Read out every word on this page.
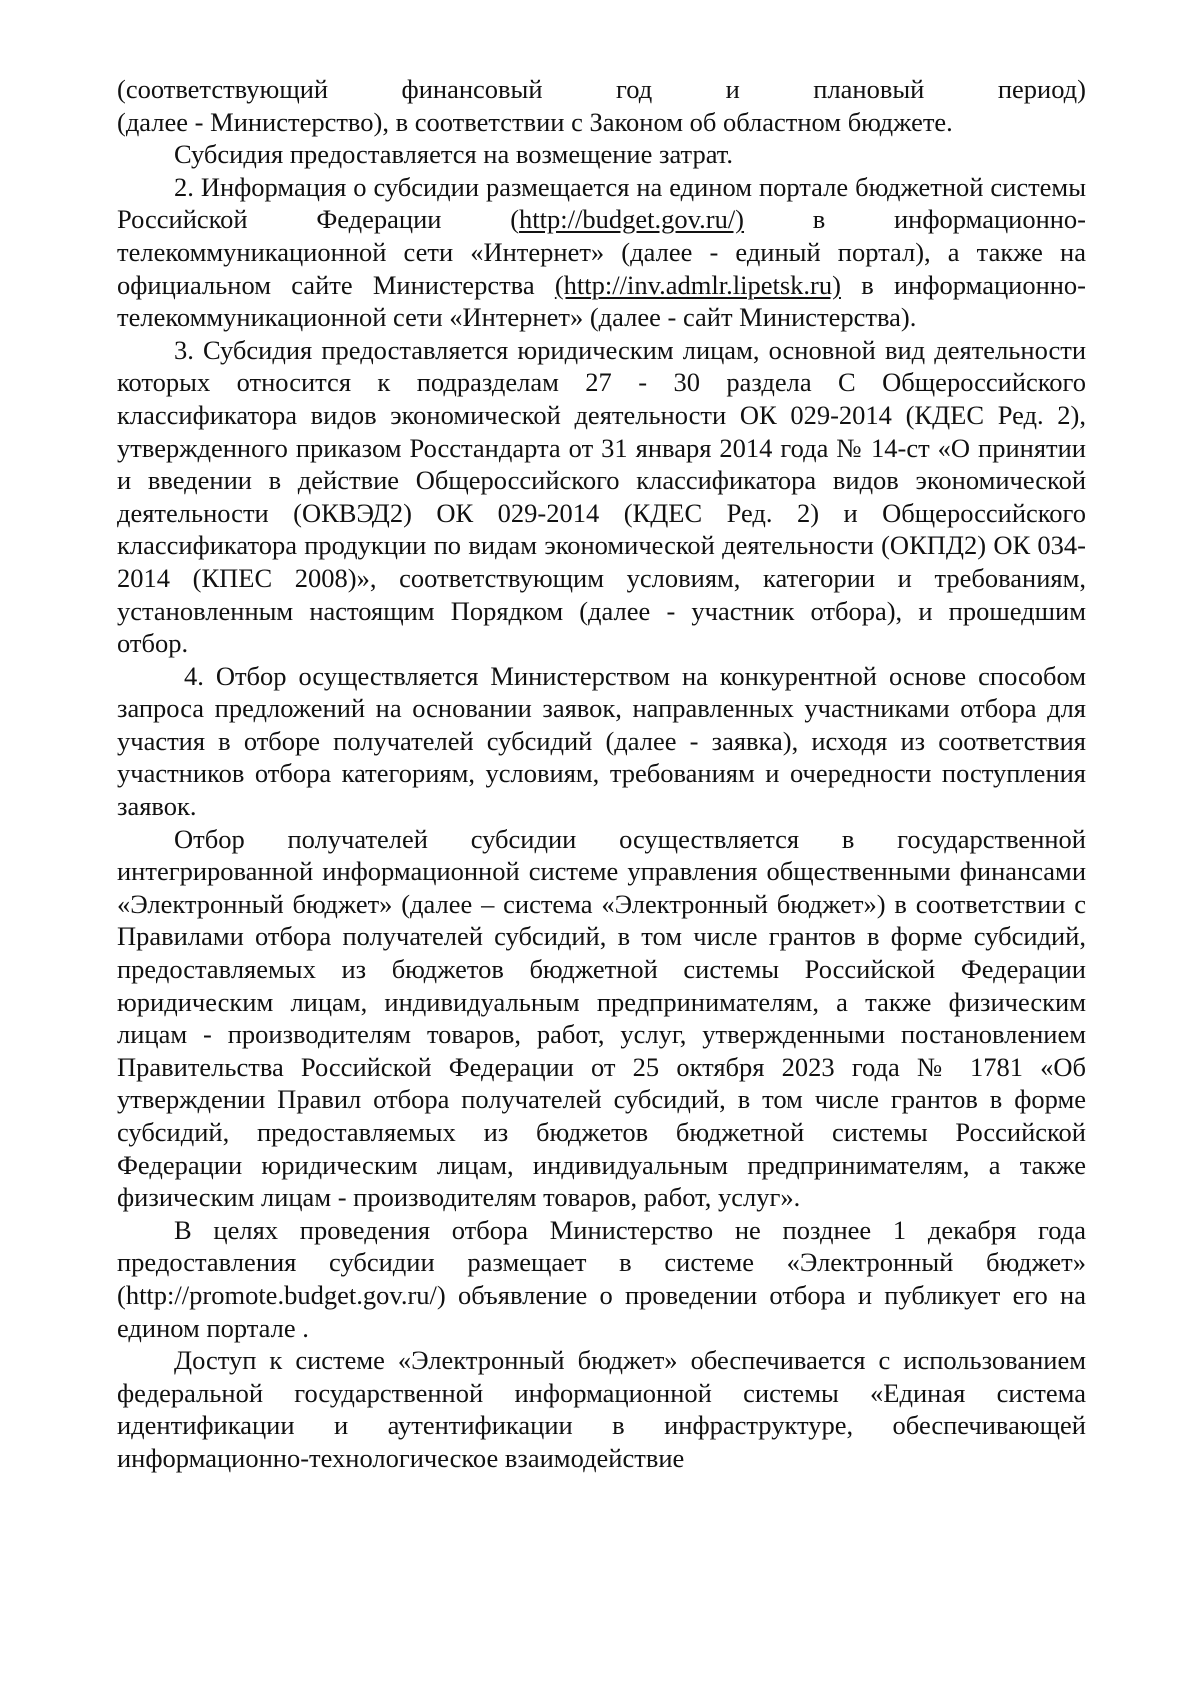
(соответствующий финансовый год и плановый период)
(далее - Министерство), в соответствии с Законом об областном бюджете.

Субсидия предоставляется на возмещение затрат.

2. Информация о субсидии размещается на едином портале бюджетной системы Российской Федерации (http://budget.gov.ru/) в информационно-телекоммуникационной сети «Интернет» (далее - единый портал), а также на официальном сайте Министерства (http://inv.admlr.lipetsk.ru) в информационно-телекоммуникационной сети «Интернет» (далее - сайт Министерства).

3. Субсидия предоставляется юридическим лицам, основной вид деятельности которых относится к подразделам 27 - 30 раздела C Общероссийского классификатора видов экономической деятельности ОК 029-2014 (КДЕС Ред. 2), утвержденного приказом Росстандарта от 31 января 2014 года № 14-ст «О принятии и введении в действие Общероссийского классификатора видов экономической деятельности (ОКВЭД2) ОК 029-2014 (КДЕС Ред. 2) и Общероссийского классификатора продукции по видам экономической деятельности (ОКПД2) ОК 034-2014 (КПЕС 2008)», соответствующим условиям, категории и требованиям, установленным настоящим Порядком (далее - участник отбора), и прошедшим отбор.

4. Отбор осуществляется Министерством на конкурентной основе способом запроса предложений на основании заявок, направленных участниками отбора для участия в отборе получателей субсидий (далее - заявка), исходя из соответствия участников отбора категориям, условиям, требованиям и очередности поступления заявок.

Отбор получателей субсидии осуществляется в государственной интегрированной информационной системе управления общественными финансами «Электронный бюджет» (далее – система «Электронный бюджет») в соответствии с Правилами отбора получателей субсидий, в том числе грантов в форме субсидий, предоставляемых из бюджетов бюджетной системы Российской Федерации юридическим лицам, индивидуальным предпринимателям, а также физическим лицам - производителям товаров, работ, услуг, утвержденными постановлением Правительства Российской Федерации от 25 октября 2023 года № 1781 «Об утверждении Правил отбора получателей субсидий, в том числе грантов в форме субсидий, предоставляемых из бюджетов бюджетной системы Российской Федерации юридическим лицам, индивидуальным предпринимателям, а также физическим лицам - производителям товаров, работ, услуг».

В целях проведения отбора Министерство не позднее 1 декабря года предоставления субсидии размещает в системе «Электронный бюджет» (http://promote.budget.gov.ru/) объявление о проведении отбора и публикует его на едином портале .

Доступ к системе «Электронный бюджет» обеспечивается с использованием федеральной государственной информационной системы «Единая система идентификации и аутентификации в инфраструктуре, обеспечивающей информационно-технологическое взаимодействие
